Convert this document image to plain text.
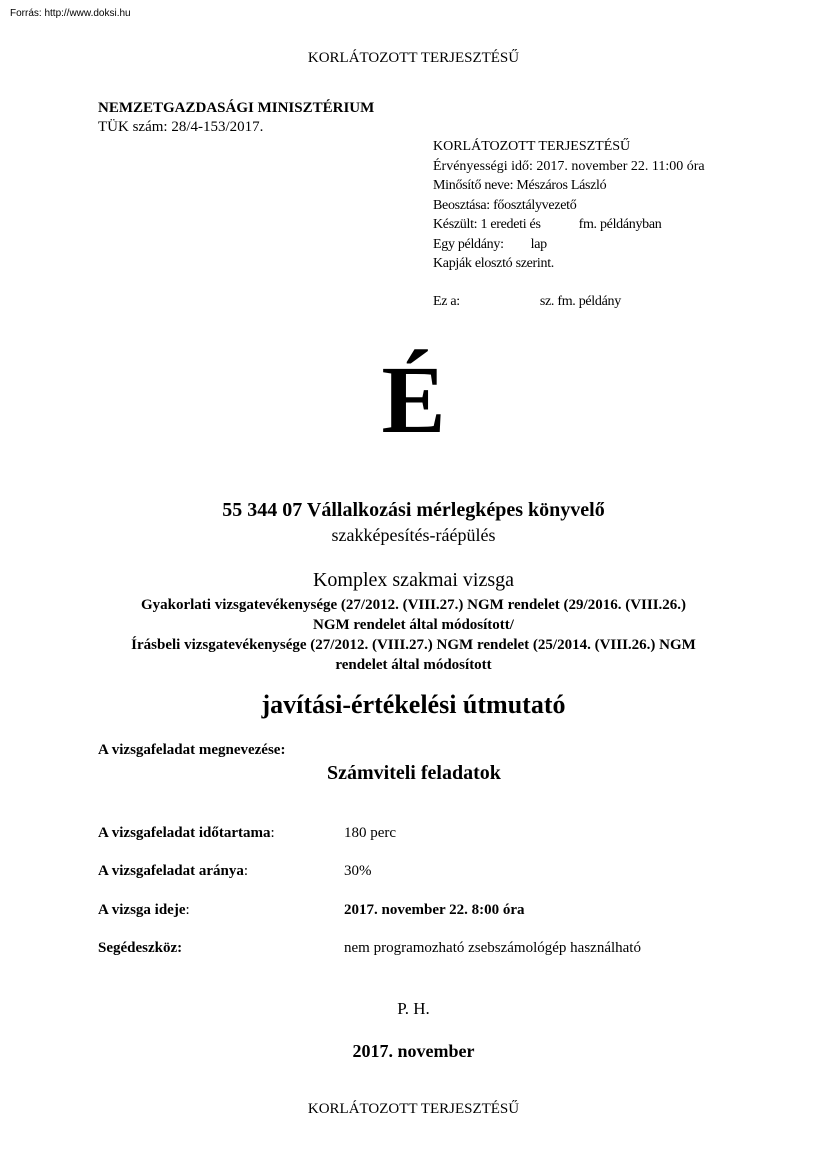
Forrás: http://www.doksi.hu
KORLÁTOZOTT TERJESZTÉSŰ
NEMZETGAZDASÁGI MINISZTÉRIUM
TÜK szám: 28/4-153/2017.
KORLÁTOZOTT TERJESZTÉSŰ
Érvényességi idő: 2017. november 22. 11:00 óra
Minősítő neve: Mészáros László
Beosztása: főosztályvezető
Készült: 1 eredeti és	fm. példányban
Egy példány: lap
Kapják elosztó szerint.
Ez a:	sz. fm. példány
É
55 344 07 Vállalkozási mérlegképes könyvelő
szakképesítés-ráépülés
Komplex szakmai vizsga
Gyakorlati vizsgatevékenysége (27/2012. (VIII.27.) NGM rendelet (29/2016. (VIII.26.)
NGM rendelet által módosított/
Írásbeli vizsgatevékenysége (27/2012. (VIII.27.) NGM rendelet (25/2014. (VIII.26.) NGM
rendelet által módosított
javítási-értékelési útmutató
A vizsgafeladat megnevezése:
Számviteli feladatok
A vizsgafeladat időtartama:	180 perc
A vizsgafeladat aránya:	30%
A vizsga ideje:	2017. november 22. 8:00 óra
Segédeszköz:	nem programozható zsebszámológép használható
P. H.
2017. november
KORLÁTOZOTT TERJESZTÉSŰ
